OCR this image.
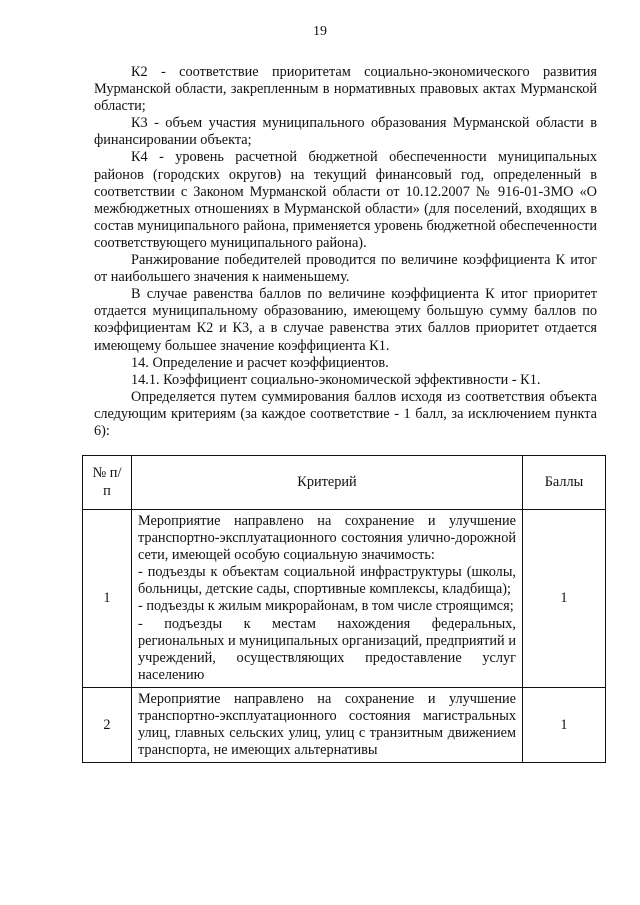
19

К2 - соответствие приоритетам социально-экономического развития Мурманской области, закрепленным в нормативных правовых актах Мурманской области;

К3 - объем участия муниципального образования Мурманской области в финансировании объекта;

К4 - уровень расчетной бюджетной обеспеченности муниципальных районов (городских округов) на текущий финансовый год, определенный в соответствии с Законом Мурманской области от 10.12.2007 № 916-01-ЗМО «О межбюджетных отношениях в Мурманской области» (для поселений, входящих в состав муниципального района, применяется уровень бюджетной обеспеченности соответствующего муниципального района).

Ранжирование победителей проводится по величине коэффициента К итог от наибольшего значения к наименьшему.

В случае равенства баллов по величине коэффициента К итог приоритет отдается муниципальному образованию, имеющему большую сумму баллов по коэффициентам К2 и К3, а в случае равенства этих баллов приоритет отдается имеющему большее значение коэффициента К1.

14. Определение и расчет коэффициентов.

14.1. Коэффициент социально-экономической эффективности - К1.

Определяется путем суммирования баллов исходя из соответствия объекта следующим критериям (за каждое соответствие - 1 балл, за исключением пункта 6):

№ п/п	Критерий	Баллы
1	Мероприятие направлено на сохранение и улучшение транспортно-эксплуатационного состояния улично-дорожной сети, имеющей особую социальную значимость:
- подъезды к объектам социальной инфраструктуры (школы, больницы, детские сады, спортивные комплексы, кладбища);
- подъезды к жилым микрорайонам, в том числе строящимся;
- подъезды к местам нахождения федеральных, региональных и муниципальных организаций, предприятий и учреждений, осуществляющих предоставление услуг населению	1
2	Мероприятие направлено на сохранение и улучшение транспортно-эксплуатационного состояния магистральных улиц, главных сельских улиц, улиц с транзитным движением транспорта, не имеющих альтернативы	1
